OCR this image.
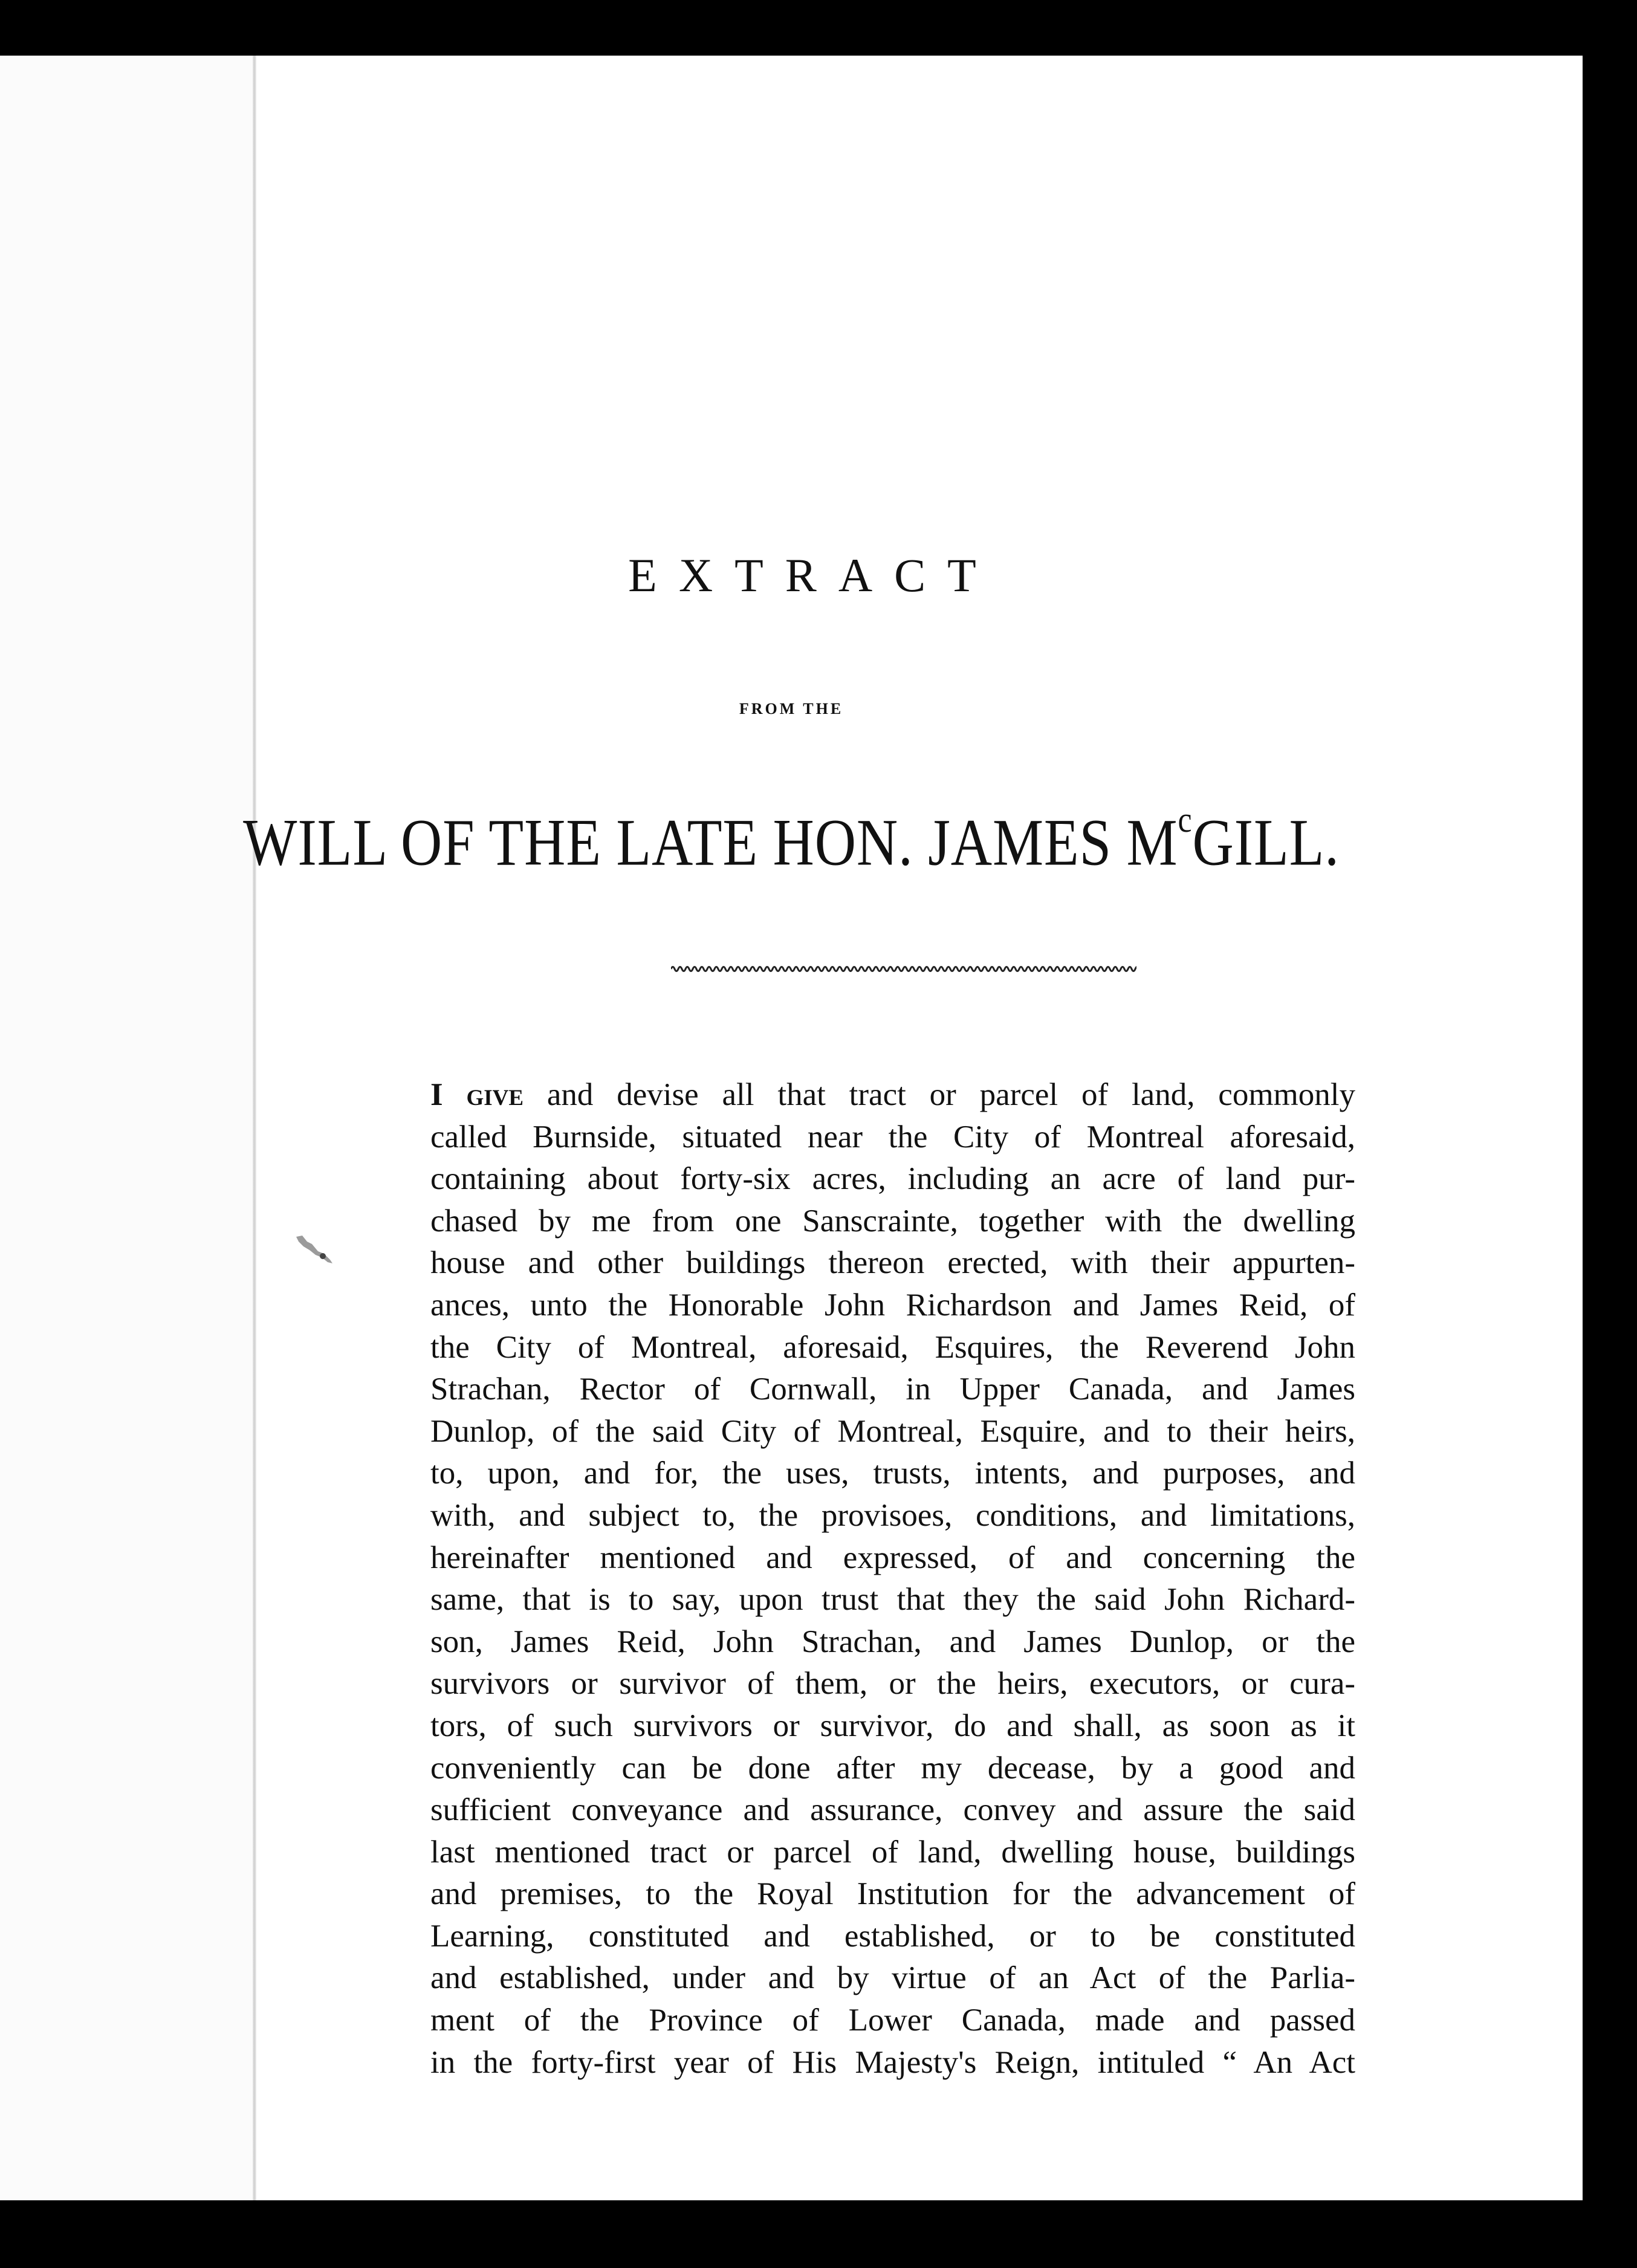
EXTRACT
FROM THE
WILL OF THE LATE HON. JAMES $M^cGILL$.
I give and devise all that tract or parcel of land, commonly
called Burnside, situated near the City of Montreal aforesaid,
containing about forty-six acres, including an acre of land pur-
chased by me from one Sanscrainte, together with the dwelling
house and other buildings thereon erected, with their appurten-
ances, unto the Honorable John Richardson and James Reid, of
the City of Montreal, aforesaid, Esquires, the Reverend John
Strachan, Rector of Cornwall, in Upper Canada, and James
Dunlop, of the said City of Montreal, Esquire, and to their heirs,
to, upon, and for, the uses, trusts, intents, and purposes, and
with, and subject to, the provisoes, conditions, and limitations,
hereinafter mentioned and expressed, of and concerning the
same, that is to say, upon trust that they the said John Richard-
son, James Reid, John Strachan, and James Dunlop, or the
survivors or survivor of them, or the heirs, executors, or cura-
tors, of such survivors or survivor, do and shall, as soon as it
conveniently can be done after my decease, by a good and
sufficient conveyance and assurance, convey and assure the said
last mentioned tract or parcel of land, dwelling house, buildings
and premises, to the Royal Institution for the advancement of
Learning, constituted and established, or to be constituted
and established, under and by virtue of an Act of the Parlia-
ment of the Province of Lower Canada, made and passed
in the forty-first year of His Majesty's Reign, intituled “ An Act
